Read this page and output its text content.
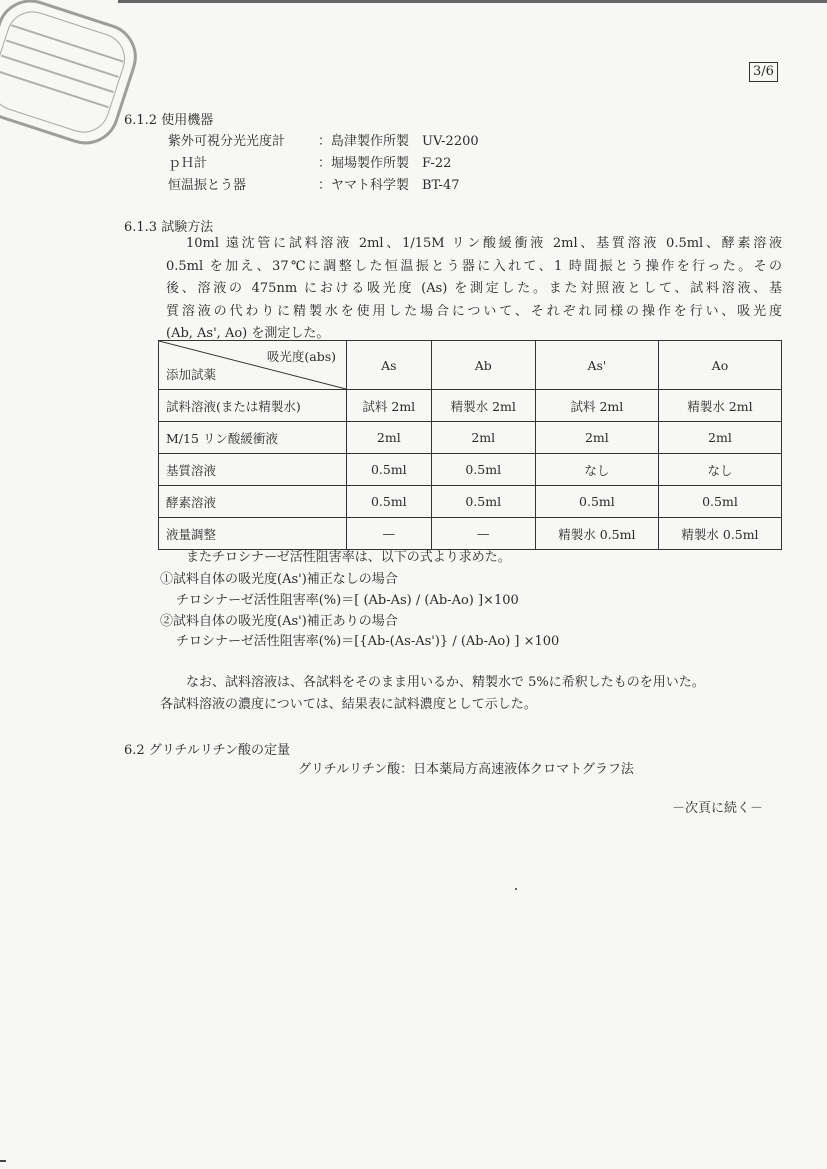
3/6
6.1.2 使用機器
紫外可視分光光度計	：島津製作所製　UV-2200
ｐＨ計	：堀場製作所製　F-22
恒温振とう器	：ヤマト科学製　BT-47
6.1.3 試験方法

10ml 遠沈管に試料溶液 2ml、1/15M リン酸緩衝液 2ml、基質溶液 0.5ml、酵素溶液

0.5ml を加え、37℃に調整した恒温振とう器に入れて、1 時間振とう操作を行った。その

後、溶液の 475nm における吸光度 (As) を測定した。また対照液として、試料溶液、基

質溶液の代わりに精製水を使用した場合について、それぞれ同様の操作を行い、吸光度

(Ab, As', Ao) を測定した。

吸光度(abs)
添加試薬	As	Ab	As'	Ao
試料溶液(または精製水)	試料 2ml	精製水 2ml	試料 2ml	精製水 2ml
M/15 リン酸緩衝液	2ml	2ml	2ml	2ml
基質溶液	0.5ml	0.5ml	なし	なし
酵素溶液	0.5ml	0.5ml	0.5ml	0.5ml
液量調整	—	—	精製水 0.5ml	精製水 0.5ml
またチロシナーゼ活性阻害率は、以下の式より求めた。
①試料自体の吸光度(As')補正なしの場合
チロシナーゼ活性阻害率(%)＝[ (Ab-As) / (Ab-Ao) ]×100
②試料自体の吸光度(As')補正ありの場合
チロシナーゼ活性阻害率(%)＝[{Ab-(As-As')} / (Ab-Ao) ] ×100
なお、試料溶液は、各試料をそのまま用いるか、精製水で 5%に希釈したものを用いた。
各試料溶液の濃度については、結果表に試料濃度として示した。
6.2 グリチルリチン酸の定量
グリチルリチン酸：日本薬局方高速液体クロマトグラフ法
－次頁に続く－
